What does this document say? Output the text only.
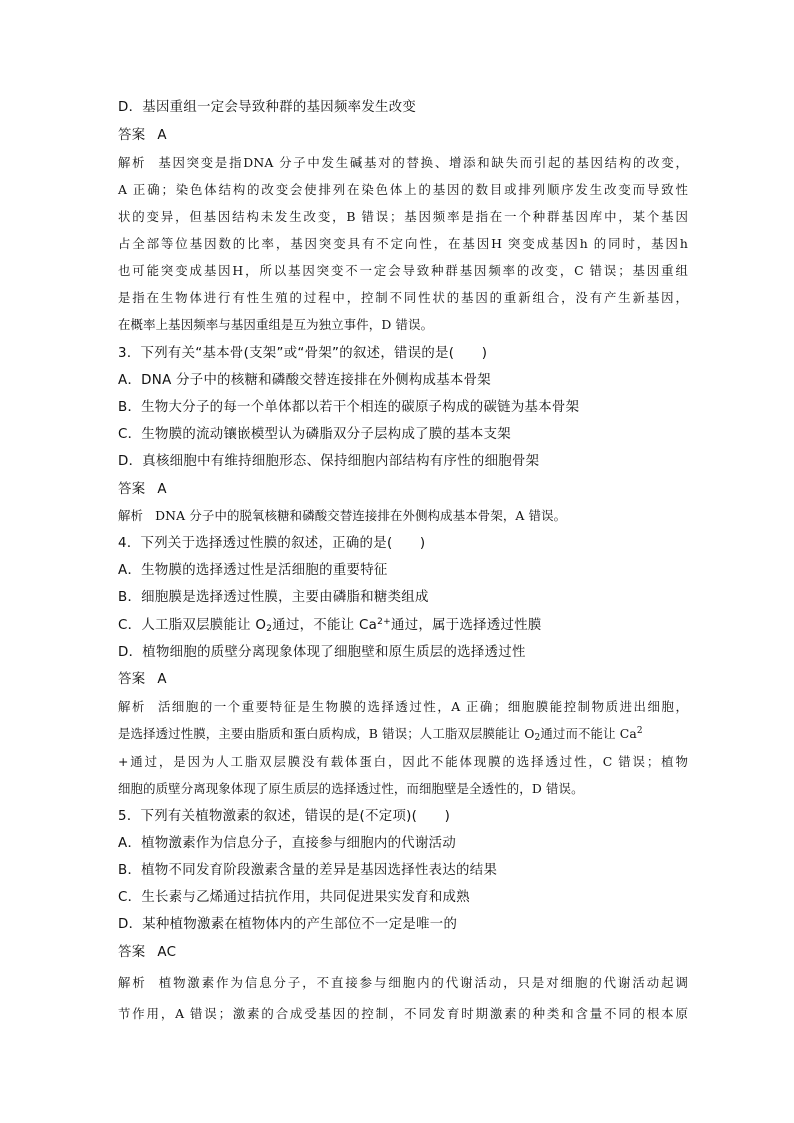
D．基因重组一定会导致种群的基因频率发生改变
答案 A
解析 基因突变是指DNA 分子中发生碱基对的替换、增添和缺失而引起的基因结构的改变，
A 正确；染色体结构的改变会使排列在染色体上的基因的数目或排列顺序发生改变而导致性
状的变异，但基因结构未发生改变，B 错误；基因频率是指在一个种群基因库中，某个基因
占全部等位基因数的比率，基因突变具有不定向性，在基因H 突变成基因h 的同时，基因h
也可能突变成基因H，所以基因突变不一定会导致种群基因频率的改变，C 错误；基因重组
是指在生物体进行有性生殖的过程中，控制不同性状的基因的重新组合，没有产生新基因，
在概率上基因频率与基因重组是互为独立事件，D 错误。
3．下列有关“基本骨(支架”或“骨架”的叙述，错误的是(　　)
A．DNA 分子中的核糖和磷酸交替连接排在外侧构成基本骨架
B．生物大分子的每一个单体都以若干个相连的碳原子构成的碳链为基本骨架
C．生物膜的流动镶嵌模型认为磷脂双分子层构成了膜的基本支架
D．真核细胞中有维持细胞形态、保持细胞内部结构有序性的细胞骨架
答案 A
解析 DNA 分子中的脱氧核糖和磷酸交替连接排在外侧构成基本骨架，A 错误。
4．下列关于选择透过性膜的叙述，正确的是(　　)
A．生物膜的选择透过性是活细胞的重要特征
B．细胞膜是选择透过性膜，主要由磷脂和糖类组成
C．人工脂双层膜能让 $O_2$通过，不能让 $Ca^{2+}$通过，属于选择透过性膜
D．植物细胞的质壁分离现象体现了细胞壁和原生质层的选择透过性
答案 A
解析 活细胞的一个重要特征是生物膜的选择透过性，A 正确；细胞膜能控制物质进出细胞，
是选择透过性膜，主要由脂质和蛋白质构成，B 错误；人工脂双层膜能让 $O_2$通过而不能让 $Ca^2$
+通过，是因为人工脂双层膜没有载体蛋白，因此不能体现膜的选择透过性，C 错误；植物
细胞的质壁分离现象体现了原生质层的选择透过性，而细胞壁是全透性的，D 错误。
5．下列有关植物激素的叙述，错误的是(不定项)(　　)
A．植物激素作为信息分子，直接参与细胞内的代谢活动
B．植物不同发育阶段激素含量的差异是基因选择性表达的结果
C．生长素与乙烯通过拮抗作用，共同促进果实发育和成熟
D．某种植物激素在植物体内的产生部位不一定是唯一的
答案 AC
解析 植物激素作为信息分子，不直接参与细胞内的代谢活动，只是对细胞的代谢活动起调
节作用，A 错误；激素的合成受基因的控制，不同发育时期激素的种类和含量不同的根本原
